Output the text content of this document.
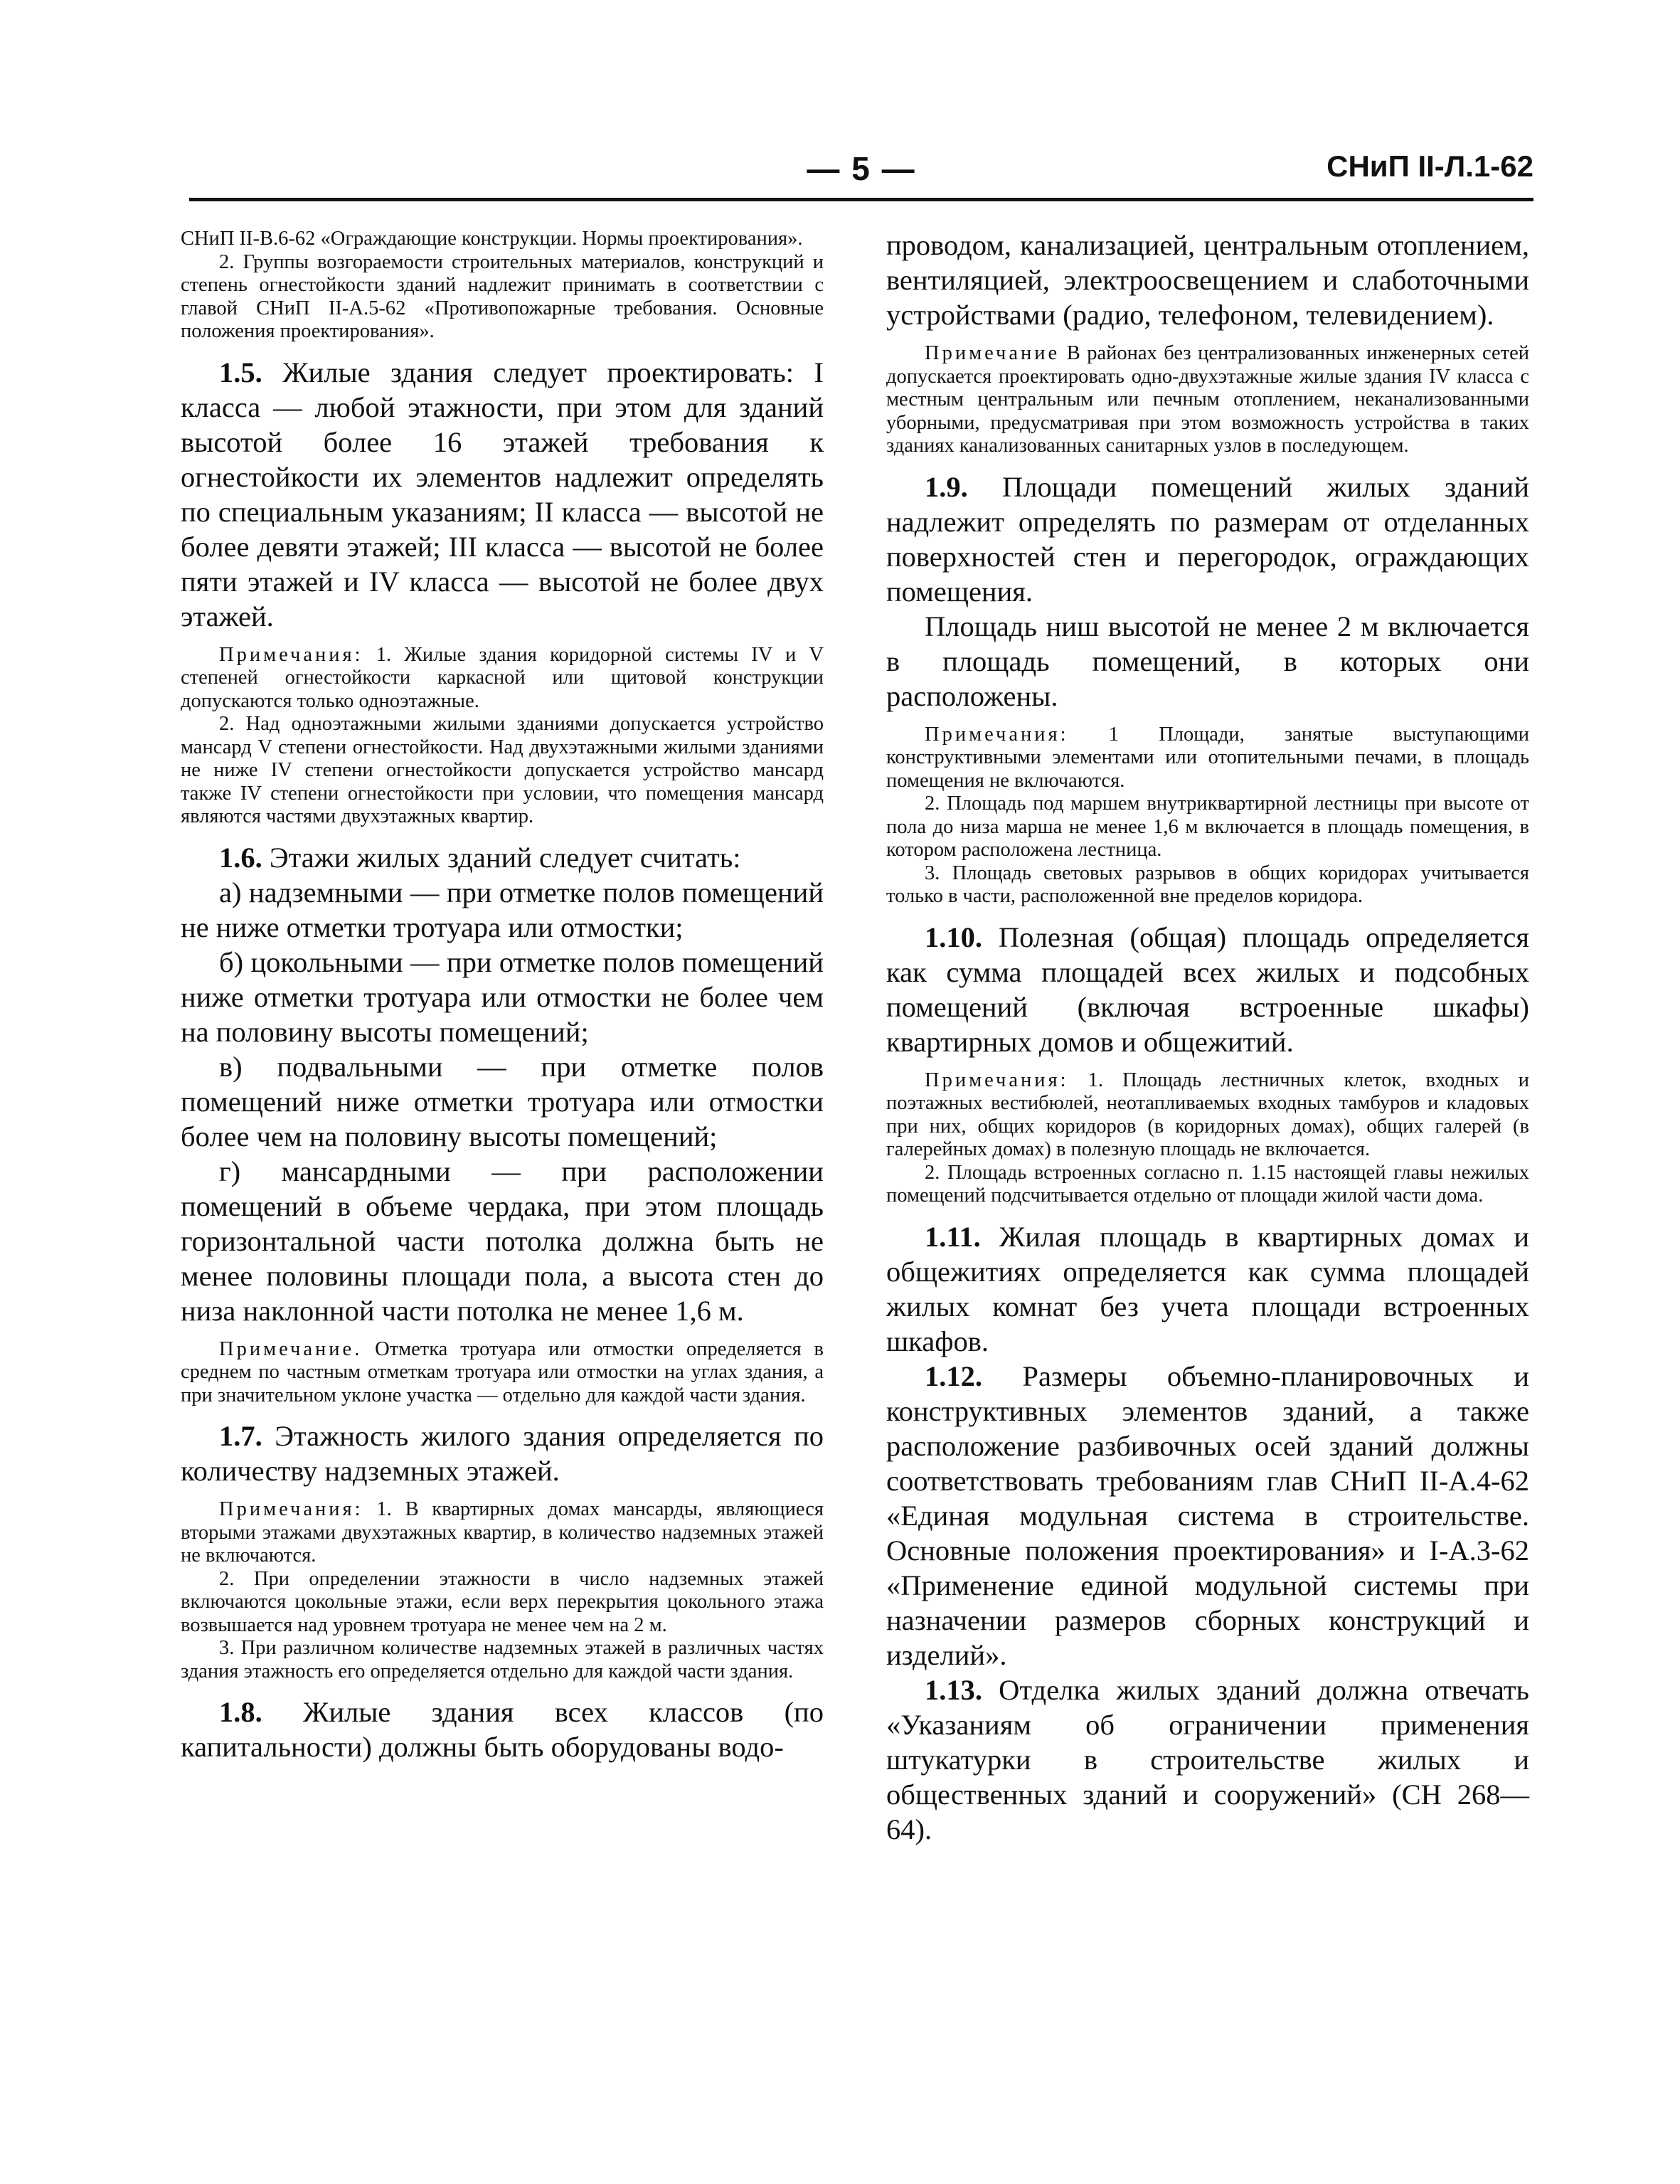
— 5 —	СНиП II-Л.1-62

СНиП II-В.6-62 «Ограждающие конструкции. Нормы проектирования».

2. Группы возгораемости строительных материалов, конструкций и степень огнестойкости зданий надлежит принимать в соответствии с главой СНиП II-А.5-62 «Противопожарные требования. Основные положения проектирования».

1.5. Жилые здания следует проектировать: I класса — любой этажности, при этом для зданий высотой более 16 этажей требования к огнестойкости их элементов надлежит определять по специальным указаниям; II класса — высотой не более девяти этажей; III класса — высотой не более пяти этажей и IV класса — высотой не более двух этажей.

Примечания: 1. Жилые здания коридорной системы IV и V степеней огнестойкости каркасной или щитовой конструкции допускаются только одноэтажные.

2. Над одноэтажными жилыми зданиями допускается устройство мансард V степени огнестойкости. Над двухэтажными жилыми зданиями не ниже IV степени огнестойкости допускается устройство мансард также IV степени огнестойкости при условии, что помещения мансард являются частями двухэтажных квартир.

1.6. Этажи жилых зданий следует считать:

а) надземными — при отметке полов помещений не ниже отметки тротуара или отмостки;

б) цокольными — при отметке полов помещений ниже отметки тротуара или отмостки не более чем на половину высоты помещений;

в) подвальными — при отметке полов помещений ниже отметки тротуара или отмостки более чем на половину высоты помещений;

г) мансардными — при расположении помещений в объеме чердака, при этом площадь горизонтальной части потолка должна быть не менее половины площади пола, а высота стен до низа наклонной части потолка не менее 1,6 м.

Примечание. Отметка тротуара или отмостки определяется в среднем по частным отметкам тротуара или отмостки на углах здания, а при значительном уклоне участка — отдельно для каждой части здания.

1.7. Этажность жилого здания определяется по количеству надземных этажей.

Примечания: 1. В квартирных домах мансарды, являющиеся вторыми этажами двухэтажных квартир, в количество надземных этажей не включаются.

2. При определении этажности в число надземных этажей включаются цокольные этажи, если верх перекрытия цокольного этажа возвышается над уровнем тротуара не менее чем на 2 м.

3. При различном количестве надземных этажей в различных частях здания этажность его определяется отдельно для каждой части здания.

1.8. Жилые здания всех классов (по капитальности) должны быть оборудованы водо-

проводом, канализацией, центральным отоплением, вентиляцией, электроосвещением и слаботочными устройствами (радио, телефоном, телевидением).

Примечание В районах без централизованных инженерных сетей допускается проектировать одно-двухэтажные жилые здания IV класса с местным центральным или печным отоплением, неканализованными уборными, предусматривая при этом возможность устройства в таких зданиях канализованных санитарных узлов в последующем.

1.9. Площади помещений жилых зданий надлежит определять по размерам от отделанных поверхностей стен и перегородок, ограждающих помещения.

Площадь ниш высотой не менее 2 м включается в площадь помещений, в которых они расположены.

Примечания: 1 Площади, занятые выступающими конструктивными элементами или отопительными печами, в площадь помещения не включаются.

2. Площадь под маршем внутриквартирной лестницы при высоте от пола до низа марша не менее 1,6 м включается в площадь помещения, в котором расположена лестница.

3. Площадь световых разрывов в общих коридорах учитывается только в части, расположенной вне пределов коридора.

1.10. Полезная (общая) площадь определяется как сумма площадей всех жилых и подсобных помещений (включая встроенные шкафы) квартирных домов и общежитий.

Примечания: 1. Площадь лестничных клеток, входных и поэтажных вестибюлей, неотапливаемых входных тамбуров и кладовых при них, общих коридоров (в коридорных домах), общих галерей (в галерейных домах) в полезную площадь не включается.

2. Площадь встроенных согласно п. 1.15 настоящей главы нежилых помещений подсчитывается отдельно от площади жилой части дома.

1.11. Жилая площадь в квартирных домах и общежитиях определяется как сумма площадей жилых комнат без учета площади встроенных шкафов.

1.12. Размеры объемно-планировочных и конструктивных элементов зданий, а также расположение разбивочных осей зданий должны соответствовать требованиям глав СНиП II-А.4-62 «Единая модульная система в строительстве. Основные положения проектирования» и I-А.3-62 «Применение единой модульной системы при назначении размеров сборных конструкций и изделий».

1.13. Отделка жилых зданий должна отвечать «Указаниям об ограничении применения штукатурки в строительстве жилых и общественных зданий и сооружений» (СН 268—64).
